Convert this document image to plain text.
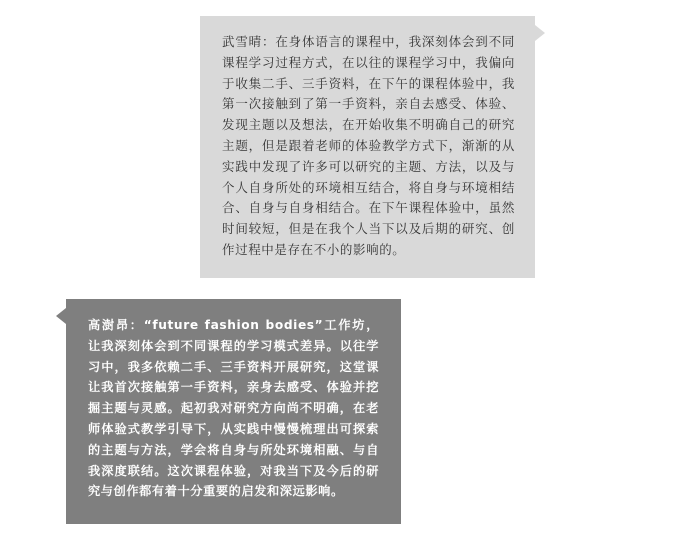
武雪晴：在身体语言的课程中，我深刻体会到不同课程学习过程方式，在以往的课程学习中，我偏向于收集二手、三手资料，在下午的课程体验中，我第一次接触到了第一手资料，亲自去感受、体验、发现主题以及想法，在开始收集不明确自己的研究主题，但是跟着老师的体验教学方式下，渐渐的从实践中发现了许多可以研究的主题、方法，以及与个人自身所处的环境相互结合，将自身与环境相结合、自身与自身相结合。在下午课程体验中，虽然时间较短，但是在我个人当下以及后期的研究、创作过程中是存在不小的影响的。

高澍昂：“future fashion bodies”工作坊，让我深刻体会到不同课程的学习模式差异。以往学习中，我多依赖二手、三手资料开展研究，这堂课让我首次接触第一手资料，亲身去感受、体验并挖掘主题与灵感。起初我对研究方向尚不明确，在老师体验式教学引导下，从实践中慢慢梳理出可探索的主题与方法，学会将自身与所处环境相融、与自我深度联结。这次课程体验，对我当下及今后的研究与创作都有着十分重要的启发和深远影响。
